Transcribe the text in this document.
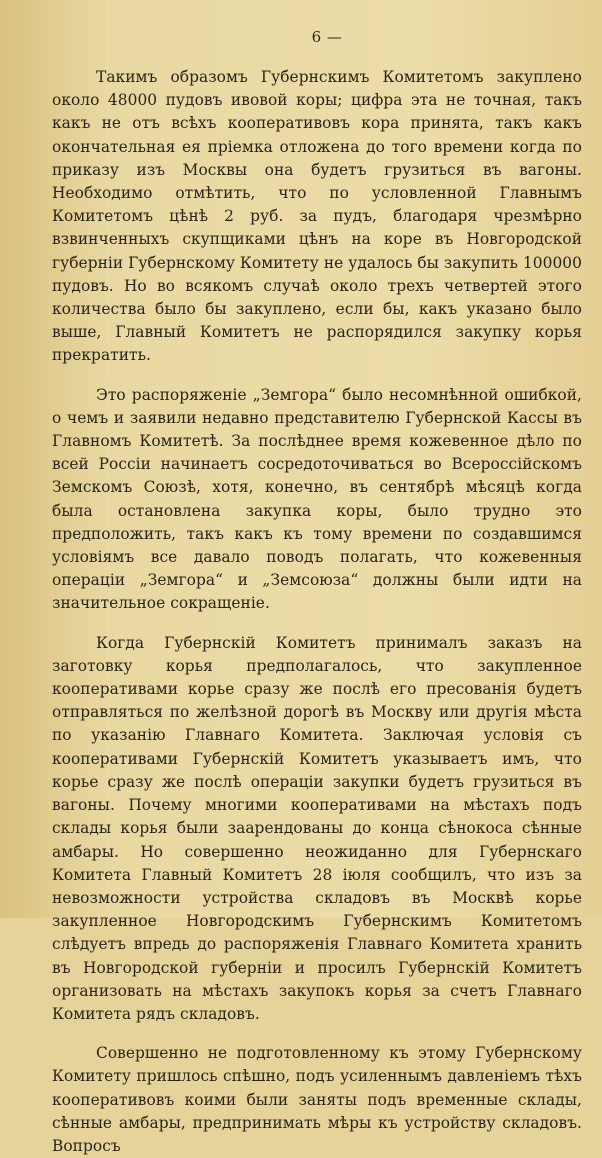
6 —

Такимъ образомъ Губернскимъ Комитетомъ закуплено около 48000 пудовъ ивовой коры; цифра эта не точная, такъ какъ не отъ всѣхъ кооперативовъ кора принята, такъ какъ окончательная ея пріемка отложена до того времени когда по приказу изъ Москвы она будетъ грузиться въ вагоны. Необходимо отмѣтить, что по условленной Главнымъ Комитетомъ цѣнѣ 2 руб. за пудъ, благодаря чрезмѣрно взвинченныхъ скупщиками цѣнъ на коре въ Новгородской губерніи Губернскому Комитету не удалось бы закупить 100000 пудовъ. Но во всякомъ случаѣ около трехъ четвертей этого количества было бы закуплено, если бы, какъ указано было выше, Главный Комитетъ не распорядился закупку корья прекратить.

Это распоряженіе „Земгора“ было несомнѣнной ошибкой, о чемъ и заявили недавно представителю Губернской Кассы въ Главномъ Комитетѣ. За послѣднее время кожевенное дѣло по всей Россіи начинаетъ сосредоточиваться во Всероссійскомъ Земскомъ Союзѣ, хотя, конечно, въ сентябрѣ мѣсяцѣ когда была остановлена закупка коры, было трудно это предположить, такъ какъ къ тому времени по создавшимся условіямъ все давало поводъ полагать, что кожевенныя операціи „Земгора“ и „Земсоюза“ должны были идти на значительное сокращеніе.

Когда Губернскій Комитетъ принималъ заказъ на заготовку корья предполагалось, что закупленное кооперативами корье сразу же послѣ его пресованія будетъ отправляться по желѣзной дорогѣ въ Москву или другія мѣста по указанію Главнаго Комитета. Заключая условія съ кооперативами Губернскій Комитетъ указываетъ имъ, что корье сразу же послѣ операціи закупки будетъ грузиться въ вагоны. Почему многими кооперативами на мѣстахъ подъ склады корья были заарендованы до конца сѣнокоса сѣнные амбары. Но совершенно неожиданно для Губернскаго Комитета Главный Комитетъ 28 іюля сообщилъ, что изъ за невозможности устройства складовъ въ Москвѣ корье закупленное Новгородскимъ Губернскимъ Комитетомъ слѣдуетъ впредь до распоряженія Главнаго Комитета хранить въ Новгородской губерніи и просилъ Губернскій Комитетъ организовать на мѣстахъ закупокъ корья за счетъ Главнаго Комитета рядъ складовъ.

Совершенно не подготовленному къ этому Губернскому Комитету пришлось спѣшно, подъ усиленнымъ давленіемъ тѣхъ кооперативовъ коими были заняты подъ временные склады, сѣнные амбары, предпринимать мѣры къ устройству складовъ. Вопросъ
